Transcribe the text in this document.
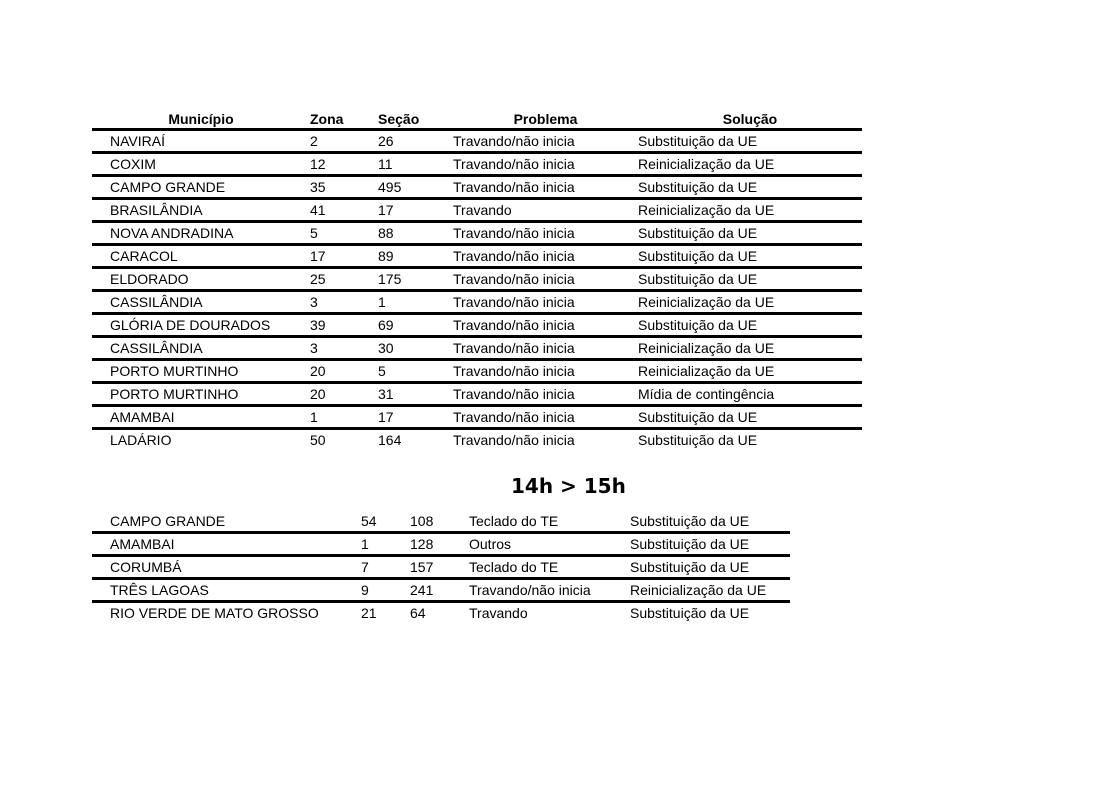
Município	Zona	Seção	Problema	Solução
NAVIRAÍ	2	26	Travando/não inicia	Substituição da UE
COXIM	12	11	Travando/não inicia	Reinicialização da UE
CAMPO GRANDE	35	495	Travando/não inicia	Substituição da UE
BRASILÂNDIA	41	17	Travando	Reinicialização da UE
NOVA ANDRADINA	5	88	Travando/não inicia	Substituição da UE
CARACOL	17	89	Travando/não inicia	Substituição da UE
ELDORADO	25	175	Travando/não inicia	Substituição da UE
CASSILÂNDIA	3	1	Travando/não inicia	Reinicialização da UE
GLÓRIA DE DOURADOS	39	69	Travando/não inicia	Substituição da UE
CASSILÂNDIA	3	30	Travando/não inicia	Reinicialização da UE
PORTO MURTINHO	20	5	Travando/não inicia	Reinicialização da UE
PORTO MURTINHO	20	31	Travando/não inicia	Mídia de contingência
AMAMBAI	1	17	Travando/não inicia	Substituição da UE
LADÁRIO	50	164	Travando/não inicia	Substituição da UE
14h > 15h
CAMPO GRANDE	54	108	Teclado do TE	Substituição da UE
AMAMBAI	1	128	Outros	Substituição da UE
CORUMBÁ	7	157	Teclado do TE	Substituição da UE
TRÊS LAGOAS	9	241	Travando/não inicia	Reinicialização da UE
RIO VERDE DE MATO GROSSO	21	64	Travando	Substituição da UE
